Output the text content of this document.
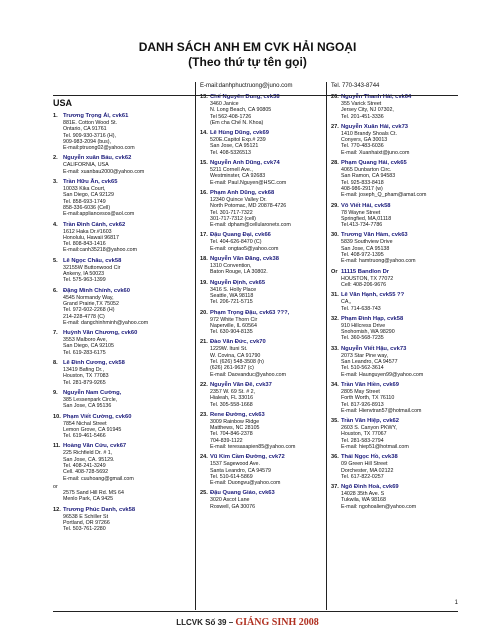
DANH SÁCH ANH EM CVK HẢI NGOẠI
(Theo thứ tự tên gọi)
USA
1. Trương Trọng Ái, cvk61
881E. Cotton Wood St.
Ontario, CA 91761
Tel. 909-930-3716 (H),
909-983-2094 (bus),
E-mail:ptruong02@yahoo.com
2. Nguyễn xuân Báu, cvk62
CALIFORNIA, USA
E-mail: xuanbau2000@yahoo.com
3. Trần Hữu Ân, cvk65
10033 Kika Court,
San Diego, CA 92129
Tel. 858-693-1749
858-336-6036 (Cell)
E-mail:appliancesos@aol.com
4. Trần Đình Cảnh, cvk62
1612 Haka Dr.#1603
Honolulu, Hawaii 96817
Tel. 808-843-1416
E-mail:canh35218@yahoo.com
5. Lê Ngọc Châu, cvk58
32155W Buttonwood Cir
Ankeny, IA 50023
Tel. 575-963-1399
6. Đặng Minh Chính, cvk60
4545 Normandy Way,
Grand Prairie,TX 75052
Tel. 972-602-2268 (H)
214-228-4778 (C)
E-mail: dangchinhminh@yahoo.com
7. Huỳnh Văn Chương, cvk60
3553 Malboro Ave,
San Diego, CA 92105
Tel. 619-283-6175
8. Lê Đình Cương, cvk58
13419 Bafing Dr.,
Houston, TX 77083
Tel. 281-879-9265
9. Nguyễn Nam Cường,
385 Lessenpark Circle,
San Jose, CA 95136
10. Phạm Viết Cường, cvk60
7854 Nichal Street
Lemon Grove, CA 91945
Tel. 619-461-5466
11. Hoàng Văn Cửu, cvk67
225 Richfield Dr. # 1,
San Jose, CA. 95129.
Tel. 408-241-3249
Cell. 408-728-5692
E-mail: cuuhoang@gmail.com
or
2575 Sand Hill Rd. MS 64
Menlo Park, CA 9425
12. Trương Phúc Danh, cvk58
96538 E Schiller St
Portland, OR 97266
Tel. 503-761-2280
E-mail:danhphuctruong@juno.com
13. Chế Nguyên Dung, cvk38
3460 Janice
N. Long Beach, CA 90805
Tel 562-408-1726
(Em cha Chế N. Khoa)
14. Lê Hùng Dũng, cvk69
520E.Capitol Exp.# 239
San Jose, CA 95121
Tel. 408-5326513
15. Nguyễn Anh Dũng, cvk74
5211 Cornell Ave.,
Westminster, CA 92683
E-mail: Paul.Nguyen@HSC.com
16. Phạm Anh Dũng, cvk68
12340 Quince Valley Dr.
North Potomac, MD 20878-4726
Tel. 301-717-7322
301-717-7312 (cell)
E-mail: dpham@cellularonetx.com
17. Đậu Quang Đại, cvk66
Tel. 404-626-8470 (C)
E-mail: ongtao5@yahoo.com
18. Nguyễn Văn Đăng, cvk38
1310 Convention,
Baton Rouge, LA 30802.
19. Nguyễn Định, cvk65
3416 S. Holly Place
Seattle, WA 98118
Tel. 206-721-5715
20. Phạm Trọng Đậu, cvk63 ???,
972 White Thorn Cir
Naperville, IL 60564
Tel. 630-904-8135
21. Đào Văn Đức, cvk70
1229W. Ituni St.
W. Covina, CA 91790
Tel. (626) 548-3508 (h)
(626) 261-9637 (c)
E-mail: Daovanduc@yahoo.com
22. Nguyễn Văn Đê, cvk37
2357 W. 69 St. # 2,
Hialeah, FL 33016
Tel. 305-558-1668
23. Rene Đường, cvk63
3009 Rainbow Ridge
Matthews, NC 28105
Tel. 704-846-2378
704-839-1122
E-mail: teresasapien85@yahoo.com
24. Vũ Kim Cầm Đường, cvk72
1537 Sagewood Ave.
Santa Leandro, CA 94579
Tel. 510-614-5869
E-mail: Duongvu@yahoo.com
25. Đậu Quang Giáo, cvk63
3020 Ascot Lane
Roswell, GA 30076
Tel. 770-343-8744
26. Nguyễn Thanh Hải, cvk64
355 Varick Street
Jersey City, NJ 07302,
Tel. 201-451-3336
27. Nguyễn Xuân Hải, cvk73
1410 Brandy Shoals Ct.
Conyers, GA 30013
Tel. 770-483-6036
E-mail: Xuanhaixt@juno.com
28. Phạm Quang Hải, cvk65
4065 Dunbarton Circ.
San Ramon, CA 94583
Tel. 925-833-8418
408-986-2917 (w)
E-mail: joseph_Q_pham@amat.com
29. Võ Viết Hải, cvk58
78 Wayne Street
Springfied, MA,01118
Tel.413-734-7786
30. Trương Văn Hàm, cvk63
5839 Southview Drive
San Jose, CA 95138
Tel. 408-972-1395
E-mail: hamtruong@yahoo.com
Or 11115 Bandlon Dr
HOUSTON, TX 77072
Cell: 408-206-9676
31. Lê Văn Hạnh, cvk55 ??
CA,,
Tel. 714-638-743
32. Phạm Đình Hạp, cvk58
910 Hillcress Drive
Snohomish, WA 98290
Tel. 360-568-7235
33. Nguyễn Viết Hậu, cvk73
2073 Star Pine way,
San Leandro, CA 94577
Tel. 510-562-3614
E-mail: Haunguyen99@yahoo.com
34. Trần Văn Hiền, cvk69
2805 May Street
Forth Worth, TX 76110
Tel. 817-926-8913
E-mail: Hienvtran57@hotmail.com
35. Trần Văn Hiệp, cvk62
2603 S. Canyon PKWY,
Houston, TX 77067
Tel. 281-583-2794
E-mail: hiep51@hotmail.com
36. Thái Ngọc Hồ, cvk38
09 Green Hill Street
Dorchester, MA 02122
Tel. 617-822-0257
37. Ngô Đình Hoà, cvk69
14028 35th Ave. S
Tukwila, WA 98168
E-mail: ngohoalien@yahoo.com
1
LLCVK Số 39 – GIÁNG SINH 2008
